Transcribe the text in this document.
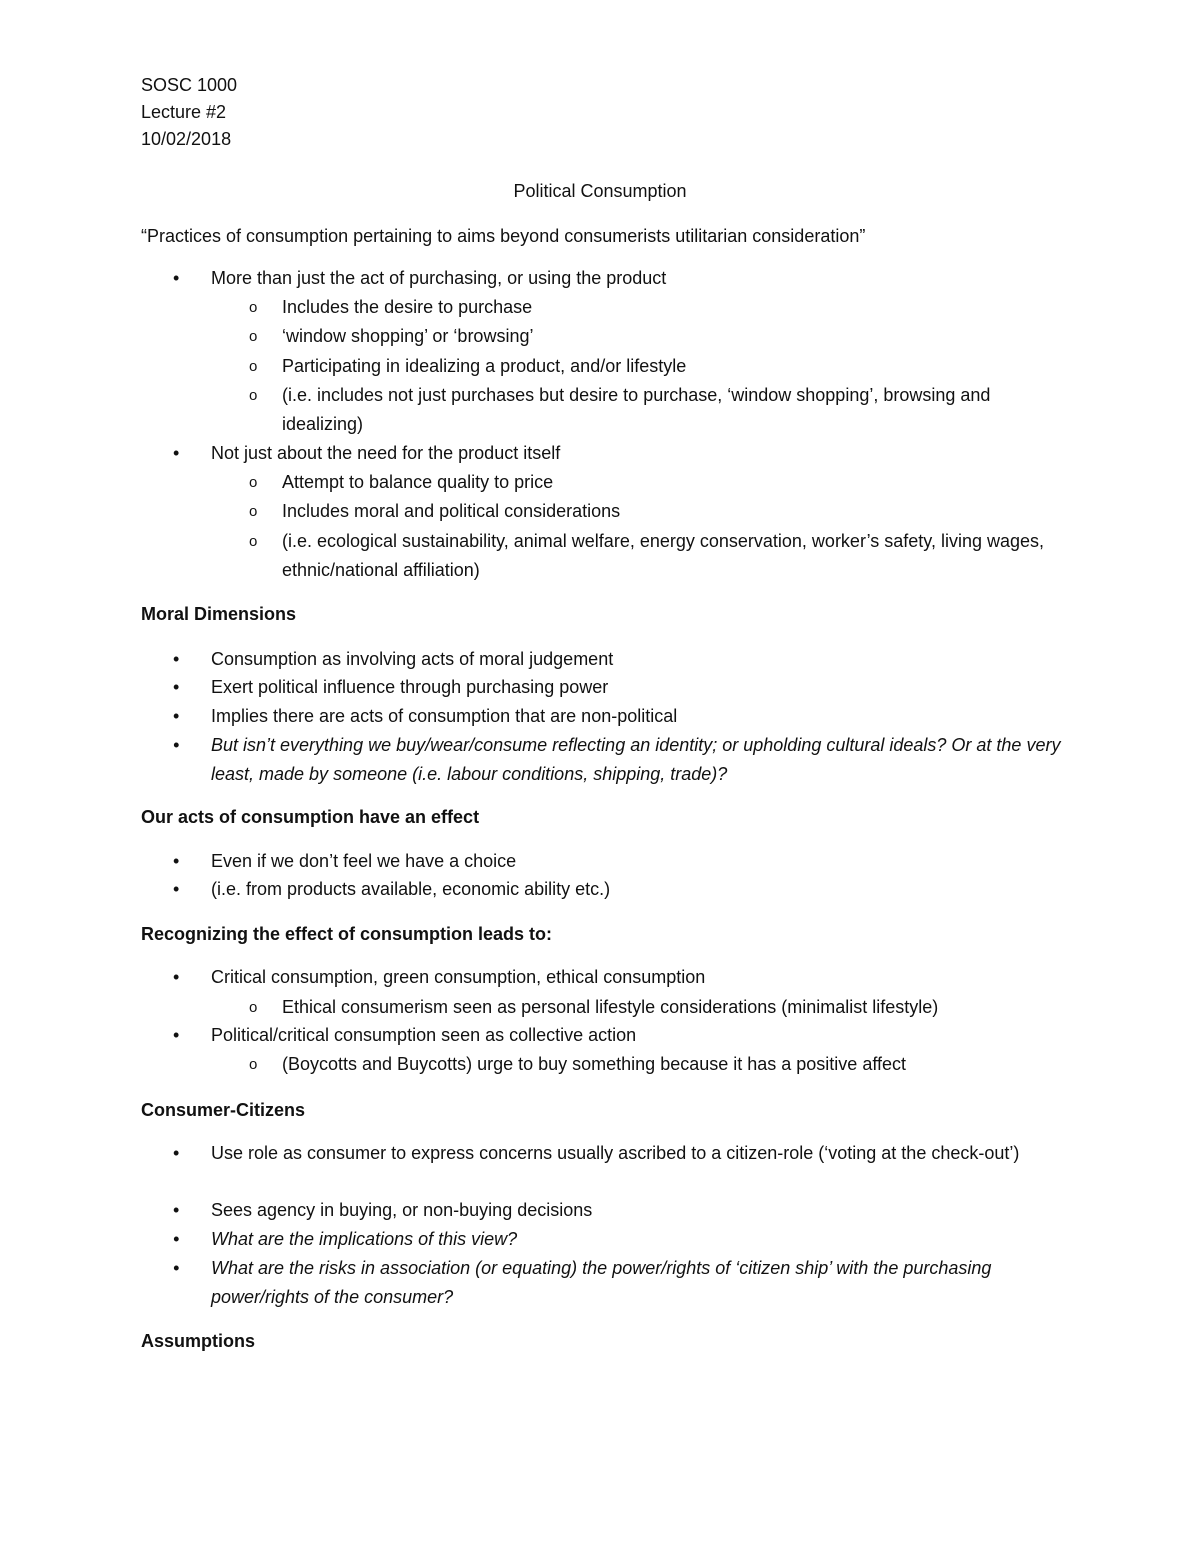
SOSC 1000
Lecture #2
10/02/2018
Political Consumption
“Practices of consumption pertaining to aims beyond consumerists utilitarian consideration”
• More than just the act of purchasing, or using the product
o Includes the desire to purchase
o ‘window shopping’ or ‘browsing’
o Participating in idealizing a product, and/or lifestyle
o (i.e. includes not just purchases but desire to purchase, ‘window shopping’, browsing and idealizing)
• Not just about the need for the product itself
o Attempt to balance quality to price
o Includes moral and political considerations
o (i.e. ecological sustainability, animal welfare, energy conservation, worker’s safety, living wages, ethnic/national affiliation)
Moral Dimensions
• Consumption as involving acts of moral judgement
• Exert political influence through purchasing power
• Implies there are acts of consumption that are non-political
• But isn’t everything we buy/wear/consume reflecting an identity; or upholding cultural ideals? Or at the very least, made by someone (i.e. labour conditions, shipping, trade)?
Our acts of consumption have an effect
• Even if we don’t feel we have a choice
• (i.e. from products available, economic ability etc.)
Recognizing the effect of consumption leads to:
• Critical consumption, green consumption, ethical consumption
o Ethical consumerism seen as personal lifestyle considerations (minimalist lifestyle)
• Political/critical consumption seen as collective action
o (Boycotts and Buycotts) urge to buy something because it has a positive affect
Consumer-Citizens
• Use role as consumer to express concerns usually ascribed to a citizen-role (‘voting at the check-out’)
• Sees agency in buying, or non-buying decisions
• What are the implications of this view?
• What are the risks in association (or equating) the power/rights of ‘citizen ship’ with the purchasing power/rights of the consumer?
Assumptions
